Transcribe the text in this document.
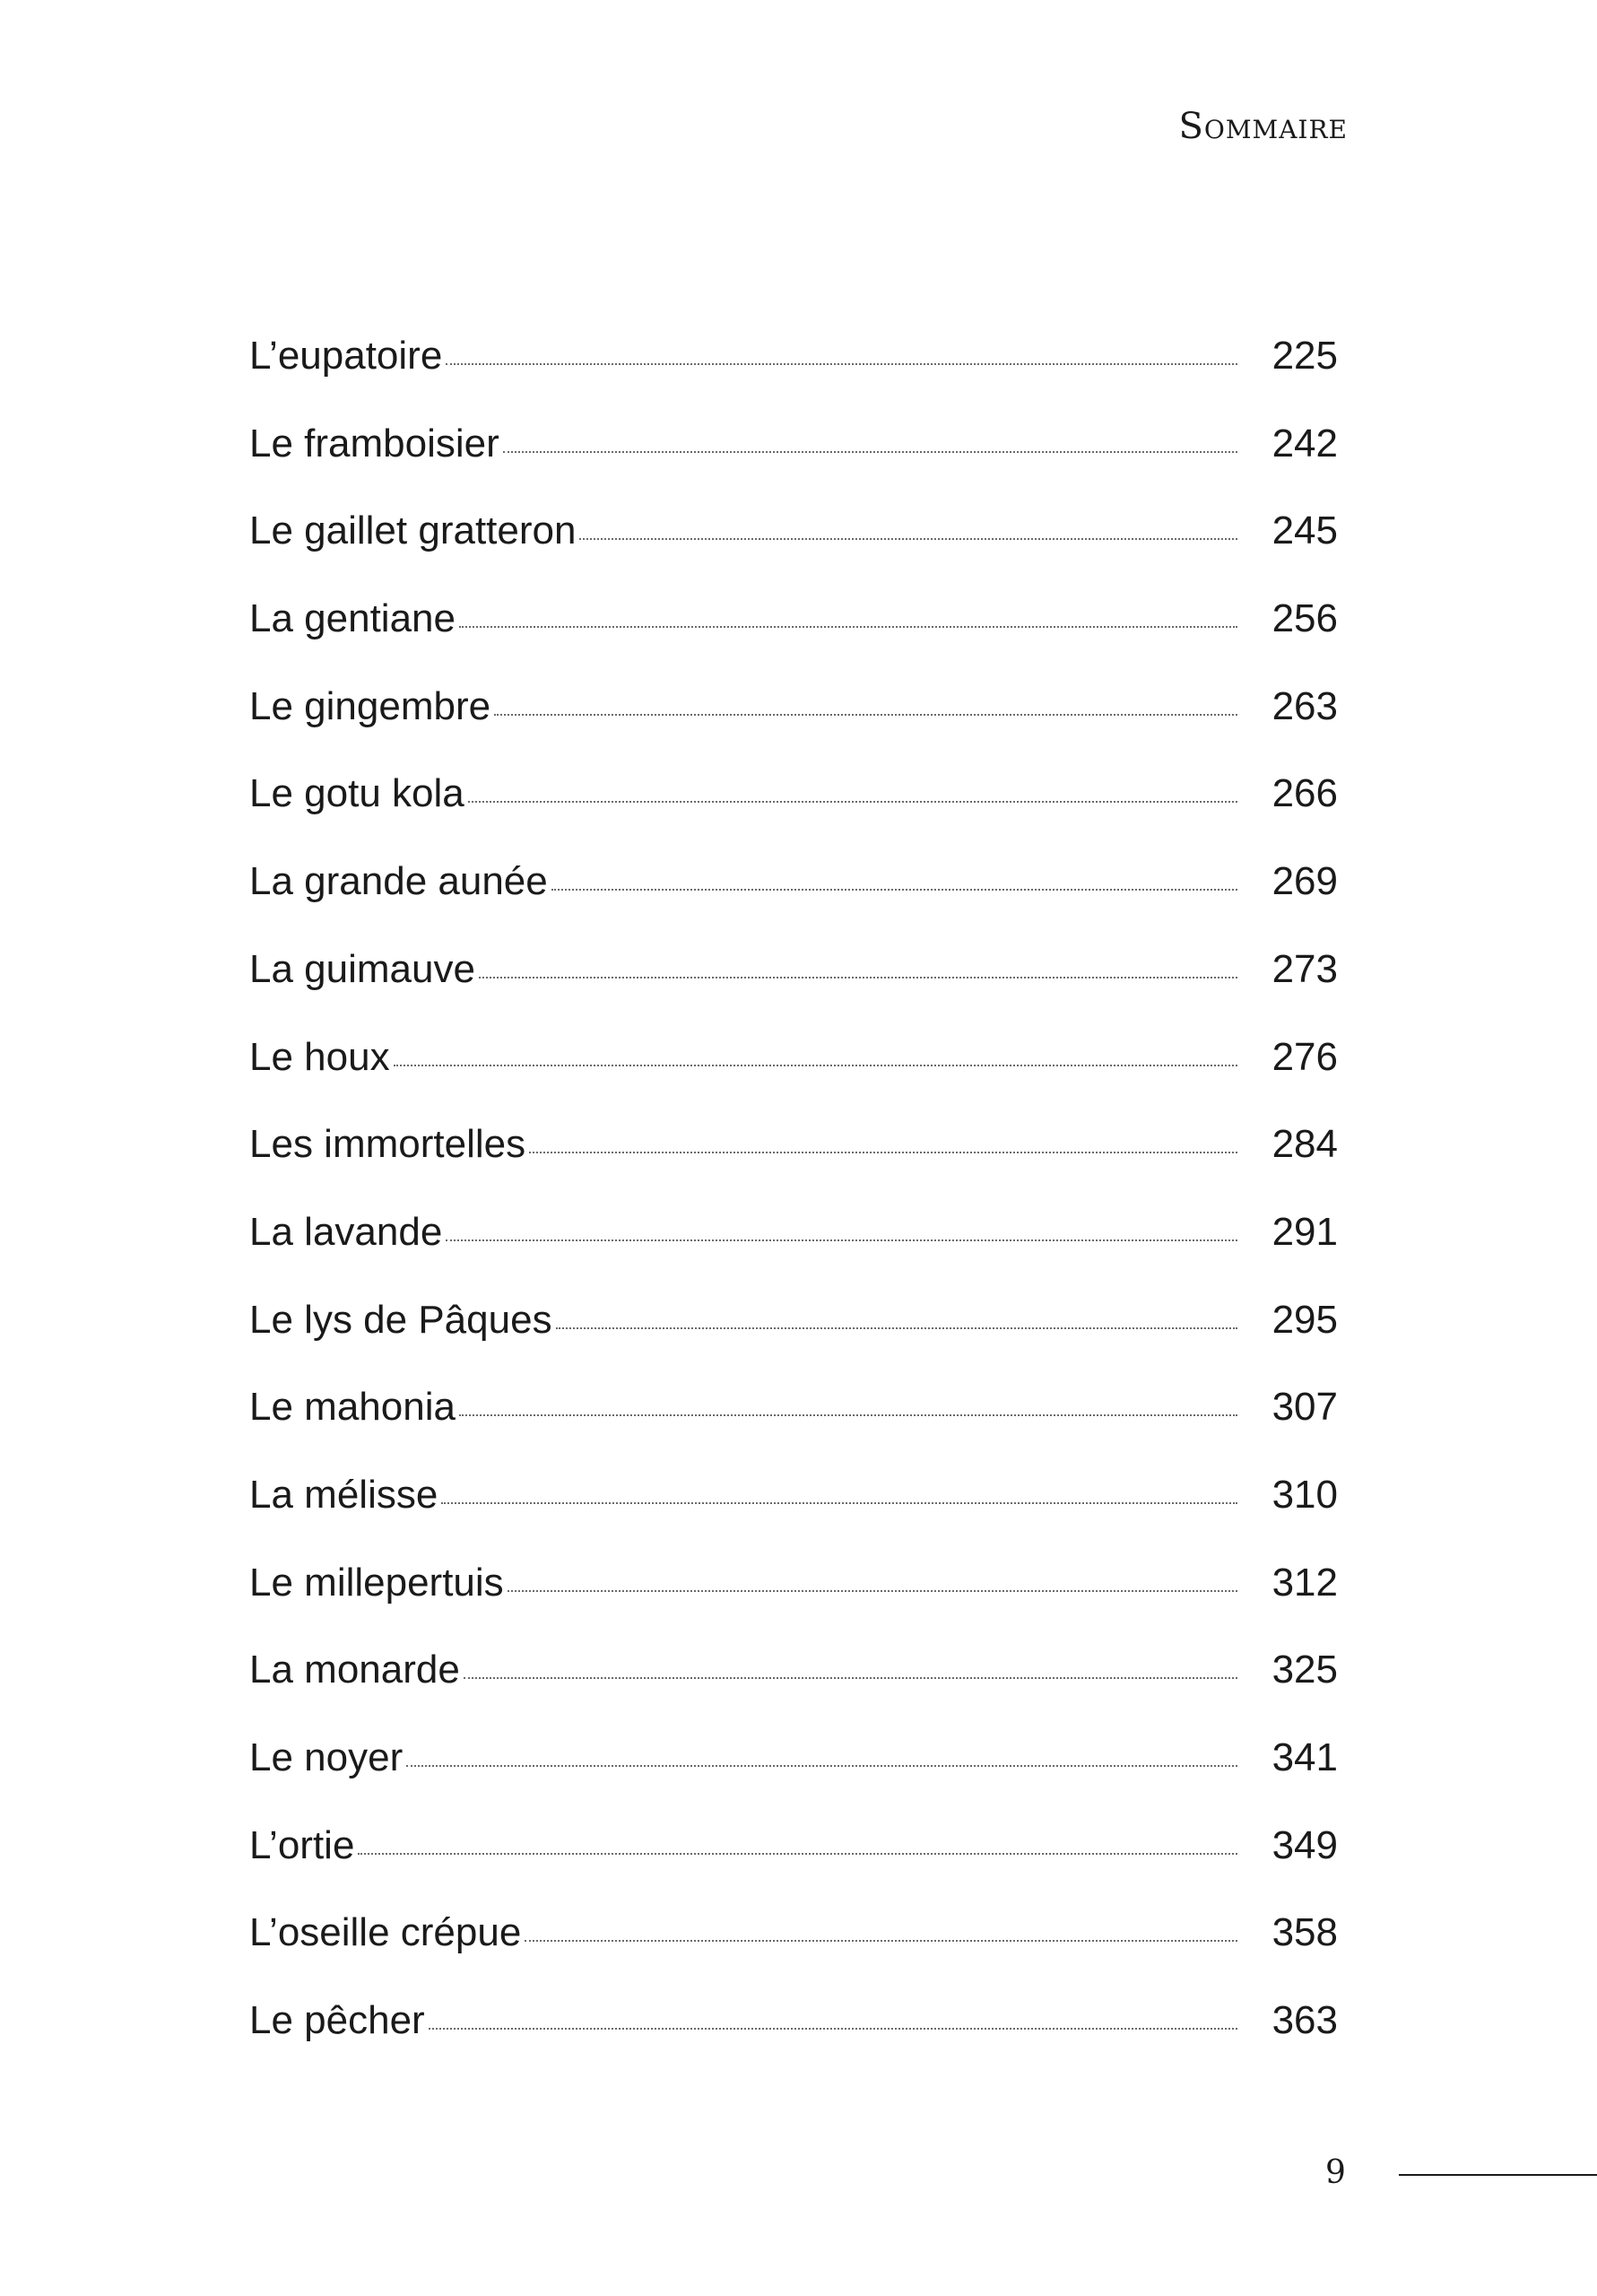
Sommaire
L’eupatoire	225
Le framboisier	242
Le gaillet gratteron	245
La gentiane	256
Le gingembre	263
Le gotu kola	266
La grande aunée	269
La guimauve	273
Le houx	276
Les immortelles	284
La lavande	291
Le lys de Pâques	295
Le mahonia	307
La mélisse	310
Le millepertuis	312
La monarde	325
Le noyer	341
L’ortie	349
L’oseille crépue	358
Le pêcher	363
9
